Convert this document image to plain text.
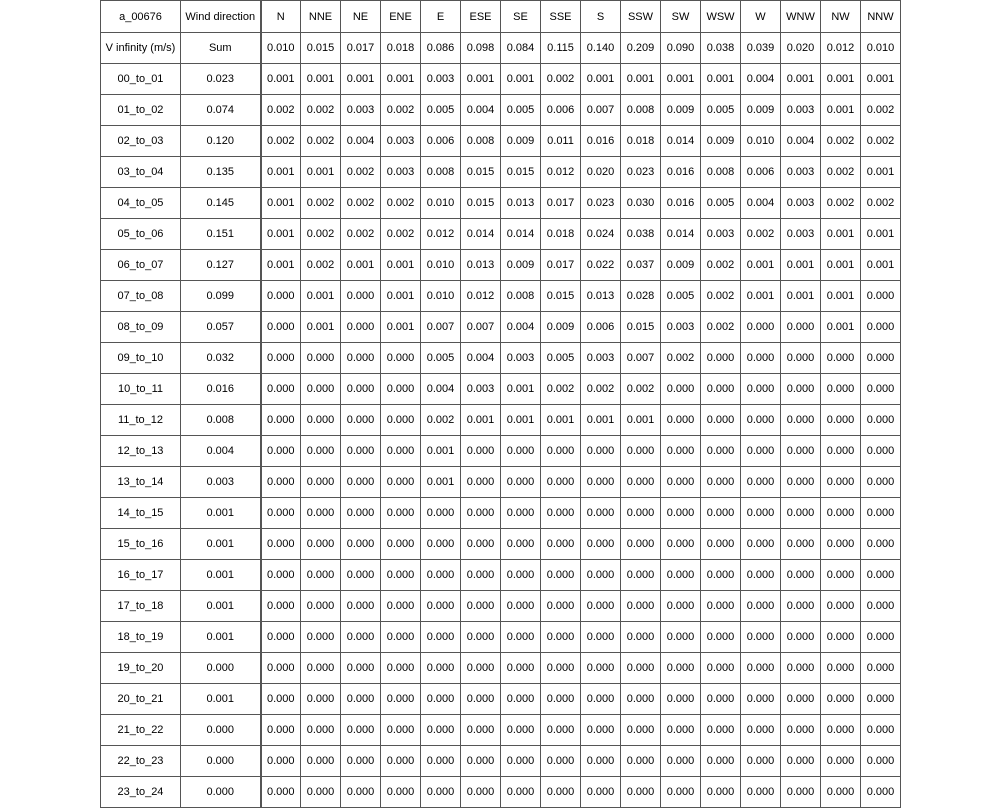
a_00676	Wind direction	N	NNE	NE	ENE	E	ESE	SE	SSE	S	SSW	SW	WSW	W	WNW	NW	NNW
V infinity (m/s)	Sum	0.010	0.015	0.017	0.018	0.086	0.098	0.084	0.115	0.140	0.209	0.090	0.038	0.039	0.020	0.012	0.010
00_to_01	0.023	0.001	0.001	0.001	0.001	0.003	0.001	0.001	0.002	0.001	0.001	0.001	0.001	0.004	0.001	0.001	0.001
01_to_02	0.074	0.002	0.002	0.003	0.002	0.005	0.004	0.005	0.006	0.007	0.008	0.009	0.005	0.009	0.003	0.001	0.002
02_to_03	0.120	0.002	0.002	0.004	0.003	0.006	0.008	0.009	0.011	0.016	0.018	0.014	0.009	0.010	0.004	0.002	0.002
03_to_04	0.135	0.001	0.001	0.002	0.003	0.008	0.015	0.015	0.012	0.020	0.023	0.016	0.008	0.006	0.003	0.002	0.001
04_to_05	0.145	0.001	0.002	0.002	0.002	0.010	0.015	0.013	0.017	0.023	0.030	0.016	0.005	0.004	0.003	0.002	0.002
05_to_06	0.151	0.001	0.002	0.002	0.002	0.012	0.014	0.014	0.018	0.024	0.038	0.014	0.003	0.002	0.003	0.001	0.001
06_to_07	0.127	0.001	0.002	0.001	0.001	0.010	0.013	0.009	0.017	0.022	0.037	0.009	0.002	0.001	0.001	0.001	0.001
07_to_08	0.099	0.000	0.001	0.000	0.001	0.010	0.012	0.008	0.015	0.013	0.028	0.005	0.002	0.001	0.001	0.001	0.000
08_to_09	0.057	0.000	0.001	0.000	0.001	0.007	0.007	0.004	0.009	0.006	0.015	0.003	0.002	0.000	0.000	0.001	0.000
09_to_10	0.032	0.000	0.000	0.000	0.000	0.005	0.004	0.003	0.005	0.003	0.007	0.002	0.000	0.000	0.000	0.000	0.000
10_to_11	0.016	0.000	0.000	0.000	0.000	0.004	0.003	0.001	0.002	0.002	0.002	0.000	0.000	0.000	0.000	0.000	0.000
11_to_12	0.008	0.000	0.000	0.000	0.000	0.002	0.001	0.001	0.001	0.001	0.001	0.000	0.000	0.000	0.000	0.000	0.000
12_to_13	0.004	0.000	0.000	0.000	0.000	0.001	0.000	0.000	0.000	0.000	0.000	0.000	0.000	0.000	0.000	0.000	0.000
13_to_14	0.003	0.000	0.000	0.000	0.000	0.001	0.000	0.000	0.000	0.000	0.000	0.000	0.000	0.000	0.000	0.000	0.000
14_to_15	0.001	0.000	0.000	0.000	0.000	0.000	0.000	0.000	0.000	0.000	0.000	0.000	0.000	0.000	0.000	0.000	0.000
15_to_16	0.001	0.000	0.000	0.000	0.000	0.000	0.000	0.000	0.000	0.000	0.000	0.000	0.000	0.000	0.000	0.000	0.000
16_to_17	0.001	0.000	0.000	0.000	0.000	0.000	0.000	0.000	0.000	0.000	0.000	0.000	0.000	0.000	0.000	0.000	0.000
17_to_18	0.001	0.000	0.000	0.000	0.000	0.000	0.000	0.000	0.000	0.000	0.000	0.000	0.000	0.000	0.000	0.000	0.000
18_to_19	0.001	0.000	0.000	0.000	0.000	0.000	0.000	0.000	0.000	0.000	0.000	0.000	0.000	0.000	0.000	0.000	0.000
19_to_20	0.000	0.000	0.000	0.000	0.000	0.000	0.000	0.000	0.000	0.000	0.000	0.000	0.000	0.000	0.000	0.000	0.000
20_to_21	0.001	0.000	0.000	0.000	0.000	0.000	0.000	0.000	0.000	0.000	0.000	0.000	0.000	0.000	0.000	0.000	0.000
21_to_22	0.000	0.000	0.000	0.000	0.000	0.000	0.000	0.000	0.000	0.000	0.000	0.000	0.000	0.000	0.000	0.000	0.000
22_to_23	0.000	0.000	0.000	0.000	0.000	0.000	0.000	0.000	0.000	0.000	0.000	0.000	0.000	0.000	0.000	0.000	0.000
23_to_24	0.000	0.000	0.000	0.000	0.000	0.000	0.000	0.000	0.000	0.000	0.000	0.000	0.000	0.000	0.000	0.000	0.000
